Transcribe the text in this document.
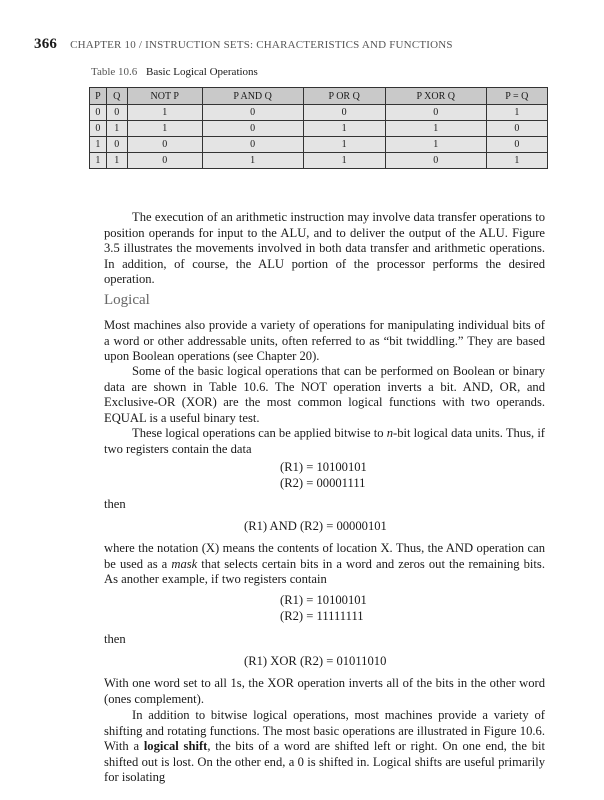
366 CHAPTER 10 / INSTRUCTION SETS: CHARACTERISTICS AND FUNCTIONS
Table 10.6 Basic Logical Operations
P	Q	NOT P	P AND Q	P OR Q	P XOR Q	P = Q
0	0	1	0	0	0	1
0	1	1	0	1	1	0
1	0	0	0	1	1	0
1	1	0	1	1	0	1

The execution of an arithmetic instruction may involve data transfer operations to position operands for input to the ALU, and to deliver the output of the ALU. Figure 3.5 illustrates the movements involved in both data transfer and arithmetic operations. In addition, of course, the ALU portion of the processor performs the desired operation.

Logical

Most machines also provide a variety of operations for manipulating individual bits of a word or other addressable units, often referred to as “bit twiddling.” They are based upon Boolean operations (see Chapter 20).

Some of the basic logical operations that can be performed on Boolean or binary data are shown in Table 10.6. The NOT operation inverts a bit. AND, OR, and Exclusive-OR (XOR) are the most common logical functions with two operands. EQUAL is a useful binary test.

These logical operations can be applied bitwise to n-bit logical data units. Thus, if two registers contain the data

(R1) = 10100101
(R2) = 00001111
then
(R1) AND (R2) = 00000101

where the notation (X) means the contents of location X. Thus, the AND operation can be used as a mask that selects certain bits in a word and zeros out the remaining bits. As another example, if two registers contain

(R1) = 10100101
(R2) = 11111111
then
(R1) XOR (R2) = 01011010

With one word set to all 1s, the XOR operation inverts all of the bits in the other word (ones complement).

In addition to bitwise logical operations, most machines provide a variety of shifting and rotating functions. The most basic operations are illustrated in Figure 10.6. With a logical shift, the bits of a word are shifted left or right. On one end, the bit shifted out is lost. On the other end, a 0 is shifted in. Logical shifts are useful primarily for isolating
